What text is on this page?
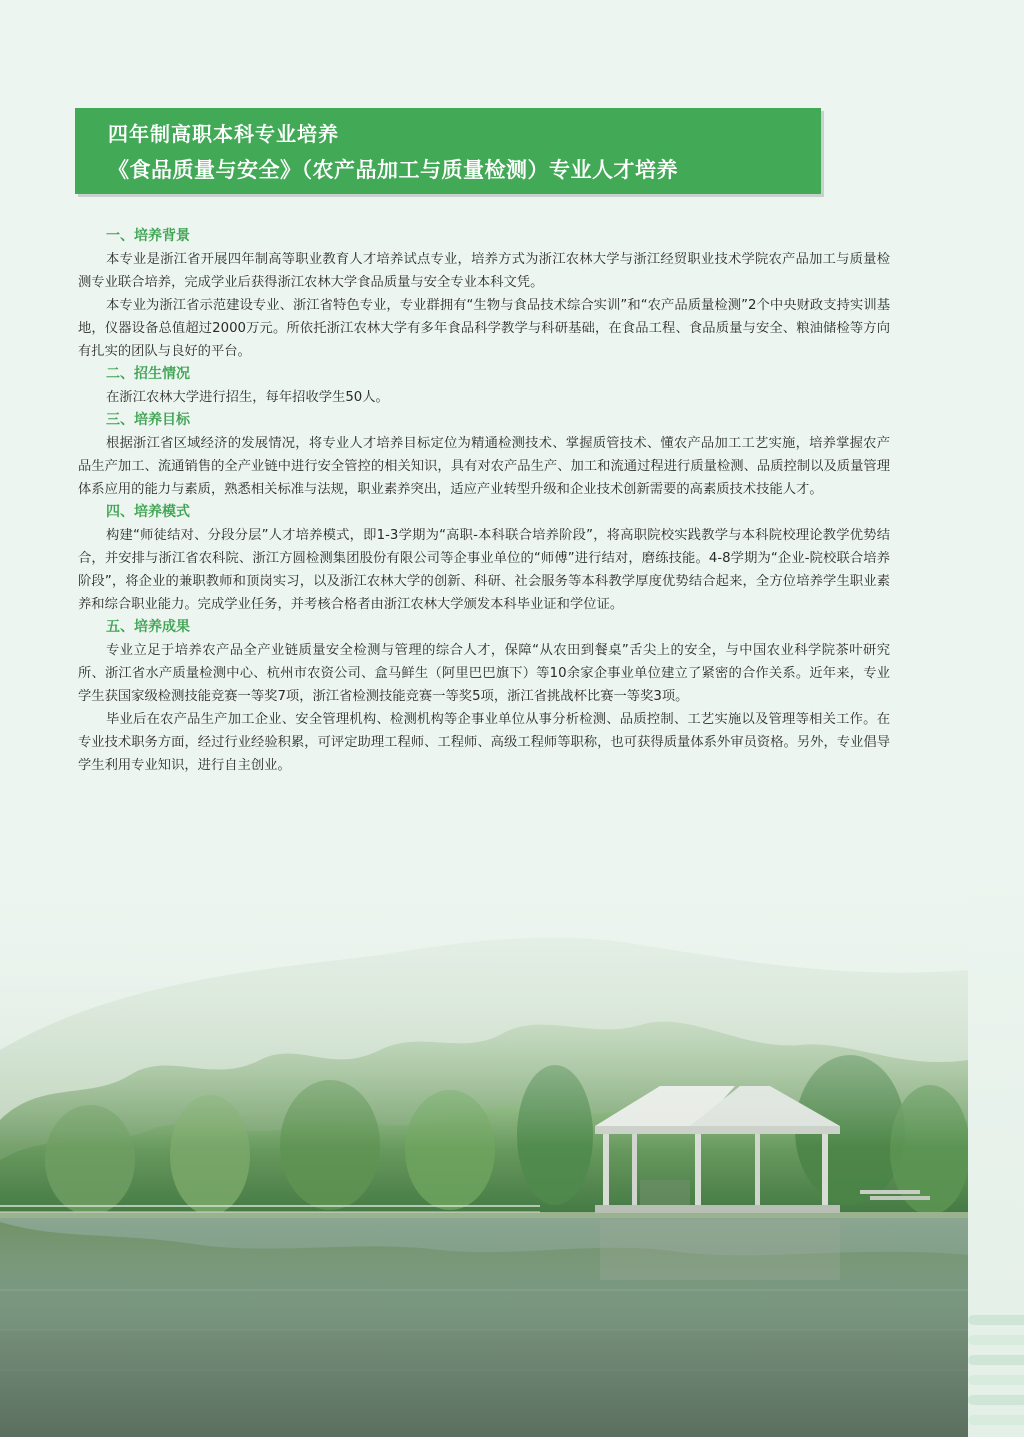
四年制高职本科专业培养
《食品质量与安全》（农产品加工与质量检测）专业人才培养
一、培养背景

本专业是浙江省开展四年制高等职业教育人才培养试点专业，培养方式为浙江农林大学与浙江经贸职业技术学院农产品加工与质量检测专业联合培养，完成学业后获得浙江农林大学食品质量与安全专业本科文凭。

本专业为浙江省示范建设专业、浙江省特色专业，专业群拥有“生物与食品技术综合实训”和“农产品质量检测”2个中央财政支持实训基地，仪器设备总值超过2000万元。所依托浙江农林大学有多年食品科学教学与科研基础，在食品工程、食品质量与安全、粮油储检等方向有扎实的团队与良好的平台。

二、招生情况

在浙江农林大学进行招生，每年招收学生50人。

三、培养目标

根据浙江省区域经济的发展情况，将专业人才培养目标定位为精通检测技术、掌握质管技术、懂农产品加工工艺实施，培养掌握农产品生产加工、流通销售的全产业链中进行安全管控的相关知识，具有对农产品生产、加工和流通过程进行质量检测、品质控制以及质量管理体系应用的能力与素质，熟悉相关标准与法规，职业素养突出，适应产业转型升级和企业技术创新需要的高素质技术技能人才。

四、培养模式

构建“师徒结对、分段分层”人才培养模式，即1-3学期为“高职-本科联合培养阶段”，将高职院校实践教学与本科院校理论教学优势结合，并安排与浙江省农科院、浙江方圆检测集团股份有限公司等企事业单位的“师傅”进行结对，磨练技能。4-8学期为“企业-院校联合培养阶段”，将企业的兼职教师和顶岗实习，以及浙江农林大学的创新、科研、社会服务等本科教学厚度优势结合起来，全方位培养学生职业素养和综合职业能力。完成学业任务，并考核合格者由浙江农林大学颁发本科毕业证和学位证。

五、培养成果

专业立足于培养农产品全产业链质量安全检测与管理的综合人才，保障“从农田到餐桌”舌尖上的安全，与中国农业科学院茶叶研究所、浙江省水产质量检测中心、杭州市农资公司、盒马鲜生（阿里巴巴旗下）等10余家企事业单位建立了紧密的合作关系。近年来，专业学生获国家级检测技能竞赛一等奖7项，浙江省检测技能竞赛一等奖5项，浙江省挑战杯比赛一等奖3项。

毕业后在农产品生产加工企业、安全管理机构、检测机构等企事业单位从事分析检测、品质控制、工艺实施以及管理等相关工作。在专业技术职务方面，经过行业经验积累，可评定助理工程师、工程师、高级工程师等职称，也可获得质量体系外审员资格。另外，专业倡导学生利用专业知识，进行自主创业。
